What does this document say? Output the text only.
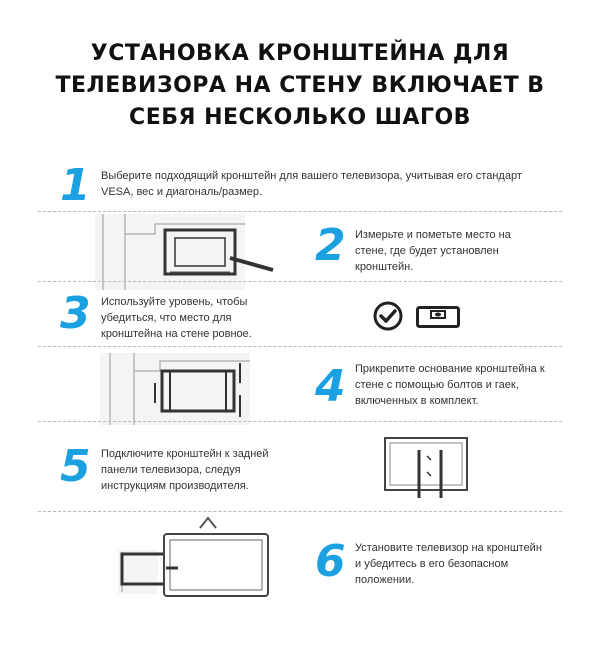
УСТАНОВКА КРОНШТЕЙНА ДЛЯ
ТЕЛЕВИЗОРА НА СТЕНУ ВКЛЮЧАЕТ В
СЕБЯ НЕСКОЛЬКО ШАГОВ
1 Выберите подходящий кронштейн для вашего телевизора, учитывая его стандарт
VESA, вес и диагональ/размер.
2 Измерьте и пометьте место на
стене, где будет установлен
кронштейн.
3 Используйте уровень, чтобы
убедиться, что место для
кронштейна на стене ровное.
4 Прикрепите основание кронштейна к
стене с помощью болтов и гаек,
включенных в комплект.
5 Подключите кронштейн к задней
панели телевизора, следуя
инструкциям производителя.
6 Установите телевизор на кронштейн
и убедитесь в его безопасном
положении.
